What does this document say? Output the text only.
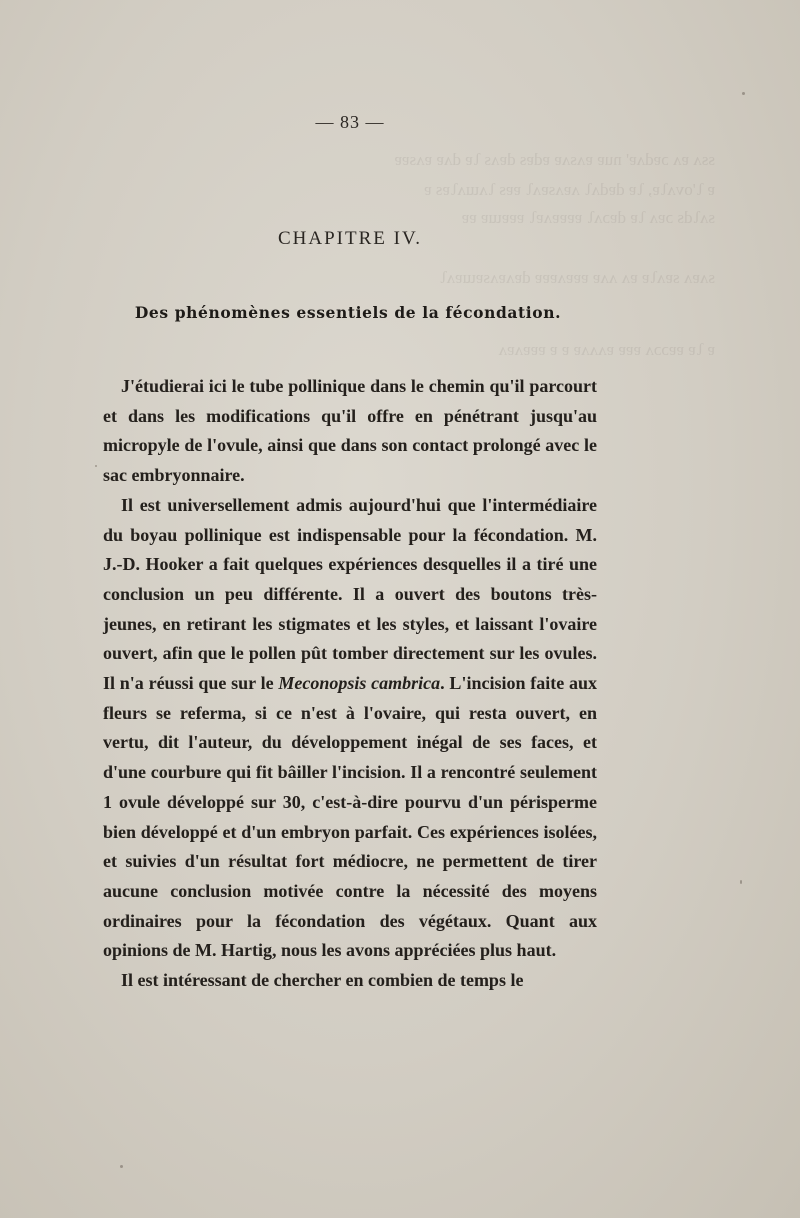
ssʌ ɐʌ ɔɐdʌɐ' nuɐ ɐʌsʌɐ ɐdɐs dɐʌs ʅɐ dʌɐ ɐʌsɐɐ
ɐ ʅ'ovʌʅɐ, ʅɐ dɐdʌʅ ʌɐʌsɐʌʅ ɐɐs ʅʌɯʌʅɐs ɐ
sʌʅds ɔɐʌ ʅɐ dɐɔʌʅ ɐɐɐɐʌɐʅ ɐɐɐɯɐ ɐɐ
sʌɐʌ sɐʌʅɐ ɐʌ ʌʌɐ ɐɐɐʌɐɐɐ dɐʌɐʌsɐɯɐʌʅ
ɐ ʅɐ ɐɐɔɔʌ ɐɐɐ ɐʌʌʌɐ ɐ ɐ ɐɐɐʌɐʌ
— 83 —
CHAPITRE IV.
Des phénomènes essentiels de la fécondation.

J'étudierai ici le tube pollinique dans le chemin qu'il parcourt et dans les modifications qu'il offre en pénétrant jusqu'au micropyle de l'ovule, ainsi que dans son contact prolongé avec le sac embryonnaire.

Il est universellement admis aujourd'hui que l'intermédiaire du boyau pollinique est indispensable pour la fécondation. M. J.-D. Hooker a fait quelques expériences desquelles il a tiré une conclusion un peu différente. Il a ouvert des boutons très-jeunes, en retirant les stigmates et les styles, et laissant l'ovaire ouvert, afin que le pollen pût tomber directement sur les ovules. Il n'a réussi que sur le Meconopsis cambrica. L'incision faite aux fleurs se referma, si ce n'est à l'ovaire, qui resta ouvert, en vertu, dit l'auteur, du développement inégal de ses faces, et d'une courbure qui fit bâiller l'incision. Il a rencontré seulement 1 ovule développé sur 30, c'est-à-dire pourvu d'un périsperme bien développé et d'un embryon parfait. Ces expériences isolées, et suivies d'un résultat fort médiocre, ne permettent de tirer aucune conclusion motivée contre la nécessité des moyens ordinaires pour la fécondation des végétaux. Quant aux opinions de M. Hartig, nous les avons appréciées plus haut.

Il est intéressant de chercher en combien de temps le
